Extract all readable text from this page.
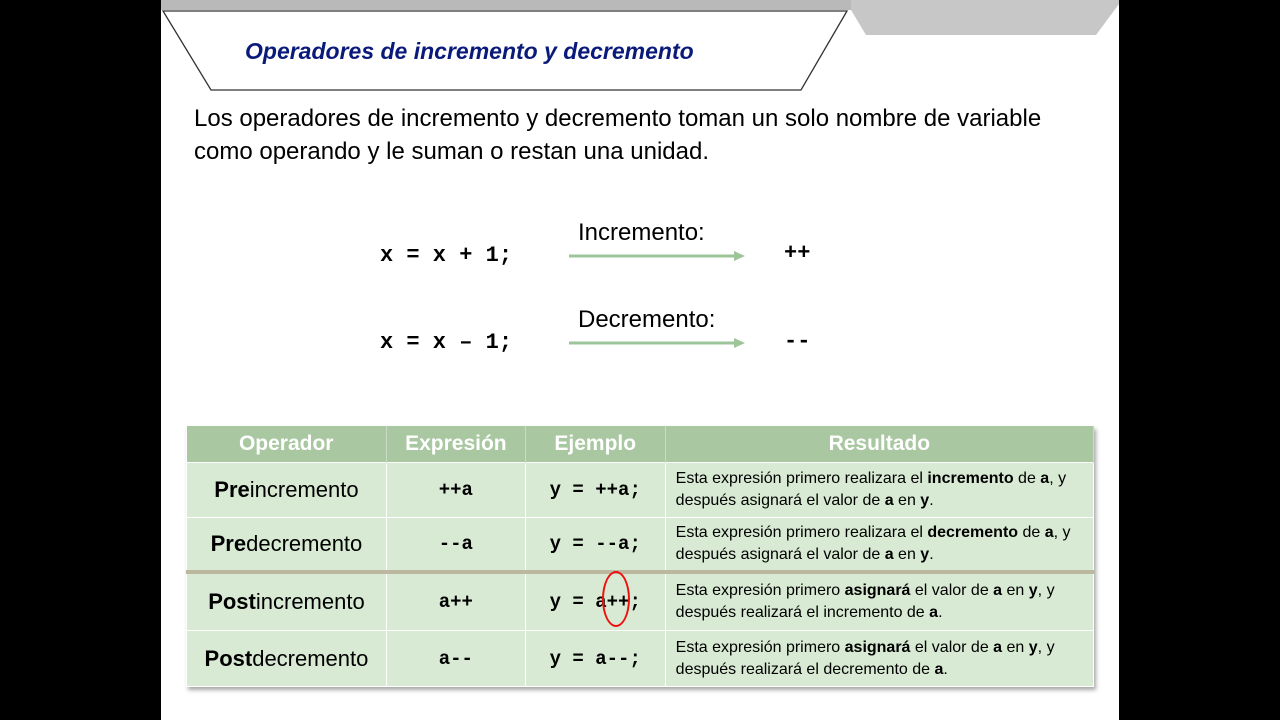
Operadores de incremento y decremento
Los operadores de incremento y decremento toman un solo nombre de variable como operando y le suman o restan una unidad.
x = x + 1;
Incremento:
++
x = x – 1;
Decremento:
--
Operador	Expresión	Ejemplo	Resultado
Preincremento	++a	y = ++a;	Esta expresión primero realizara el incremento de a, y después asignará el valor de a en y.
Predecremento	--a	y = --a;	Esta expresión primero realizara el decremento de a, y después asignará el valor de a en y.
Postincremento	a++	y = a++;	Esta expresión primero asignará el valor de a en y, y después realizará el incremento de a.
Postdecremento	a--	y = a--;	Esta expresión primero asignará el valor de a en y, y después realizará el decremento de a.
